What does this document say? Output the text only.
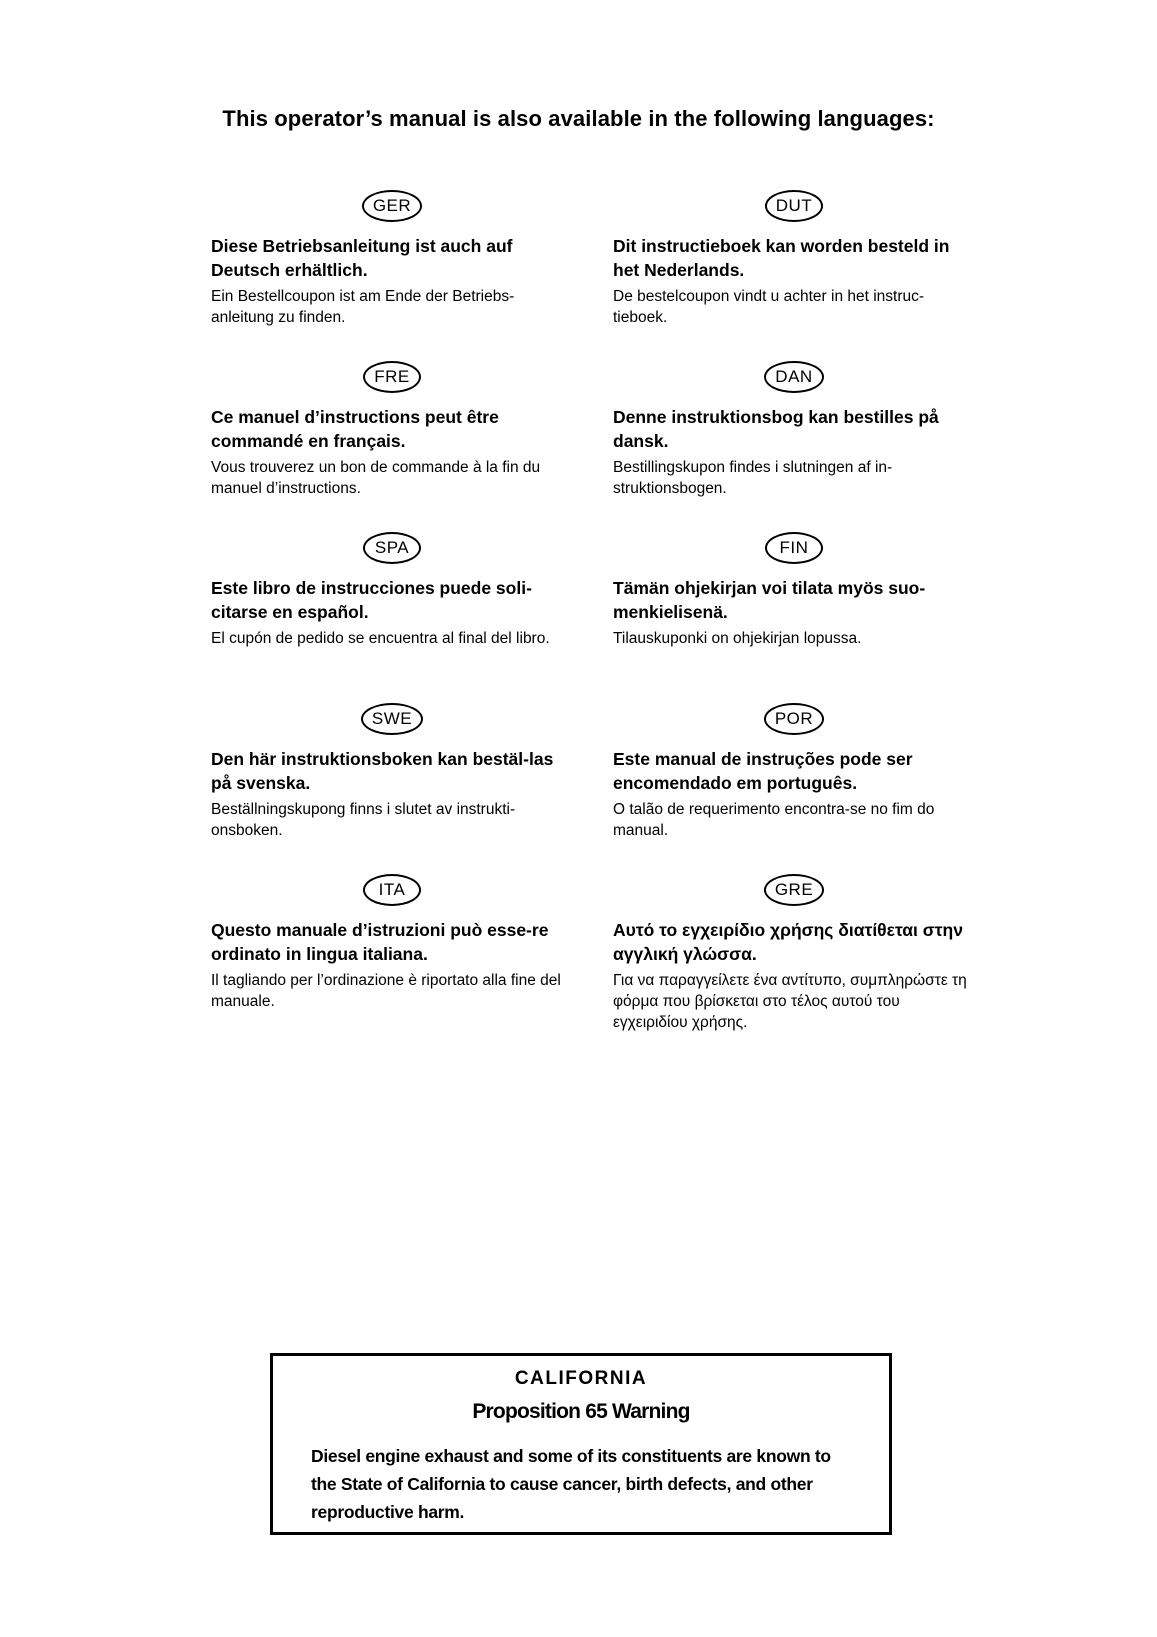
This operator’s manual is also available in the following languages:
GER
Diese Betriebsanleitung ist auch auf Deutsch erhältlich.
Ein Bestellcoupon ist am Ende der Betriebs-anleitung zu finden.
DUT
Dit instructieboek kan worden besteld in het Nederlands.
De bestelcoupon vindt u achter in het instruc-tieboek.
FRE
Ce manuel d’instructions peut être commandé en français.
Vous trouverez un bon de commande à la fin du manuel d’instructions.
DAN
Denne instruktionsbog kan bestilles på dansk.
Bestillingskupon findes i slutningen af in-struktionsbogen.
SPA
Este libro de instrucciones puede soli-citarse en español.
El cupón de pedido se encuentra al final del libro.
FIN
Tämän ohjekirjan voi tilata myös suo-menkielisenä.
Tilauskuponki on ohjekirjan lopussa.
SWE
Den här instruktionsboken kan bestäl-las på svenska.
Beställningskupong finns i slutet av instrukti-onsboken.
POR
Este manual de instruções pode ser encomendado em português.
O talão de requerimento encontra-se no fim do manual.
ITA
Questo manuale d’istruzioni può esse-re ordinato in lingua italiana.
Il tagliando per l’ordinazione è riportato alla fine del manuale.
GRE
Αυτό το εγχειρίδιο χρήσης διατίθεται στην αγγλική γλώσσα.
Για να παραγγείλετε ένα αντίτυπο, συμπληρώστε τη φόρμα που βρίσκεται στο τέλος αυτού του εγχειριδίου χρήσης.
CALIFORNIA
Proposition 65 Warning
Diesel engine exhaust and some of its constituents are known to the State of California to cause cancer, birth defects, and other reproductive harm.
